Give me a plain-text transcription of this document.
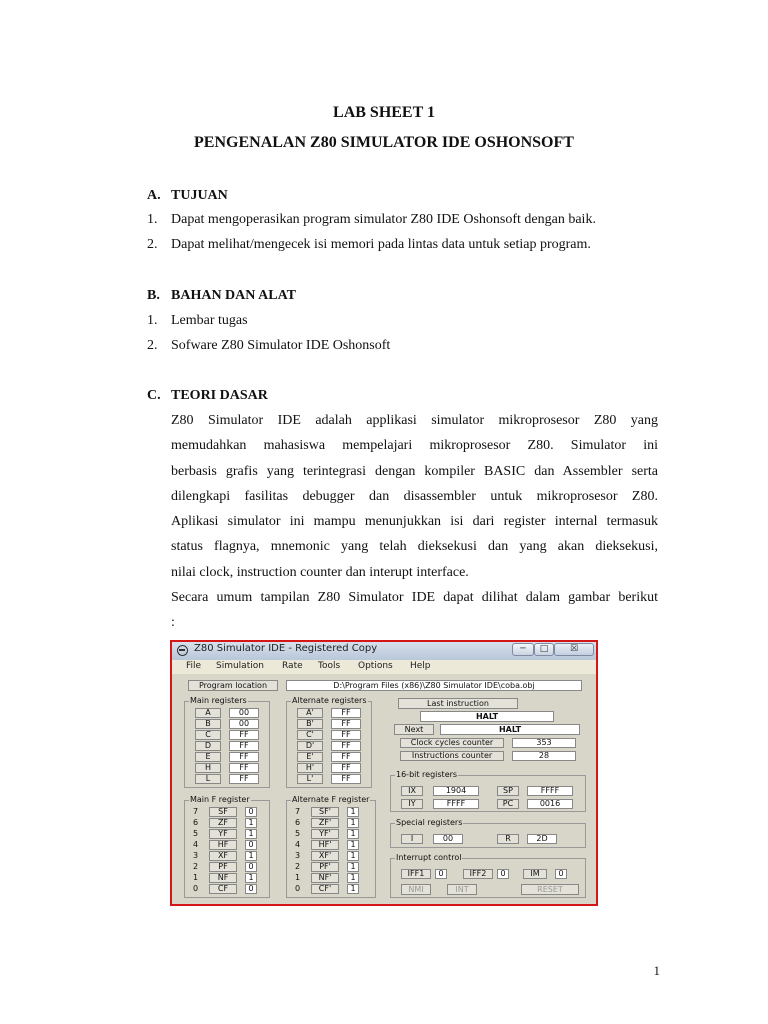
LAB SHEET 1
PENGENALAN Z80 SIMULATOR IDE OSHONSOFT
A. TUJUAN
1. Dapat mengoperasikan program simulator Z80 IDE Oshonsoft dengan baik.
2. Dapat melihat/mengecek isi memori pada lintas data untuk setiap program.
B. BAHAN DAN ALAT
1. Lembar tugas
2. Sofware Z80 Simulator IDE Oshonsoft
C. TEORI DASAR
Z80 Simulator IDE adalah applikasi simulator mikroprosesor Z80 yang
memudahkan mahasiswa mempelajari mikroprosesor Z80. Simulator ini
berbasis grafis yang terintegrasi dengan kompiler BASIC dan Assembler serta
dilengkapi fasilitas debugger dan disassembler untuk mikroprosesor Z80.
Aplikasi simulator ini mampu menunjukkan isi dari register internal termasuk
status flagnya, mnemonic yang telah dieksekusi dan yang akan dieksekusi,
nilai clock, instruction counter dan interupt interface.
Secara umum tampilan Z80 Simulator IDE dapat dilihat dalam gambar berikut
:
Z80 Simulator IDE - Registered Copy	─	□	☒
File Simulation Rate Tools Options Help
Program location	D:\Program Files (x86)\Z80 Simulator IDE\coba.obj
Main registers
A	00
B	00
C	FF
D	FF
E	FF
H	FF
L	FF
Alternate registers
A'	FF
B'	FF
C'	FF
D'	FF
E'	FF
H'	FF
L'	FF
Main F register
7	SF	0
6	ZF	1
5	YF	1
4	HF	0
3	XF	1
2	PF	0
1	NF	1
0	CF	0
Alternate F register
7	SF'	1
6	ZF'	1
5	YF'	1
4	HF'	1
3	XF'	1
2	PF'	1
1	NF'	1
0	CF'	1
Last instruction
HALT
Next	HALT
Clock cycles counter	353
Instructions counter	28
16-bit registers
IX	1904	SP	FFFF
IY	FFFF	PC	0016
Special registers
I	00	R	2D
Interrupt control
IFF1	0	IFF2	0	IM	0
NMI	INT	RESET
1
